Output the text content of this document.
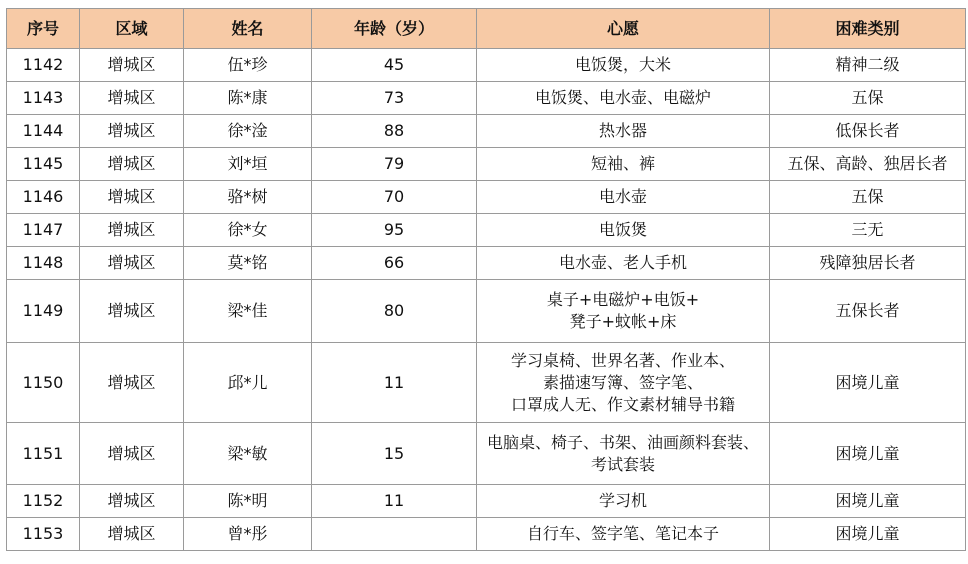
序号	区域	姓名	年龄（岁）	心愿	困难类别
1142	增城区	伍*珍	45	电饭煲，大米	精神二级
1143	增城区	陈*康	73	电饭煲、电水壶、电磁炉	五保
1144	增城区	徐*淦	88	热水器	低保长者
1145	增城区	刘*垣	79	短袖、裤	五保、高龄、独居长者
1146	增城区	骆*树	70	电水壶	五保
1147	增城区	徐*女	95	电饭煲	三无
1148	增城区	莫*铭	66	电水壶、老人手机	残障独居长者
1149	增城区	梁*佳	80	桌子+电磁炉+电饭+
凳子+蚊帐+床	五保长者
1150	增城区	邱*儿	11	学习桌椅、世界名著、作业本、
素描速写簿、签字笔、
口罩成人无、作文素材辅导书籍	困境儿童
1151	增城区	梁*敏	15	电脑桌、椅子、书架、油画颜料套装、
考试套装	困境儿童
1152	增城区	陈*明	11	学习机	困境儿童
1153	增城区	曾*彤		自行车、签字笔、笔记本子	困境儿童
